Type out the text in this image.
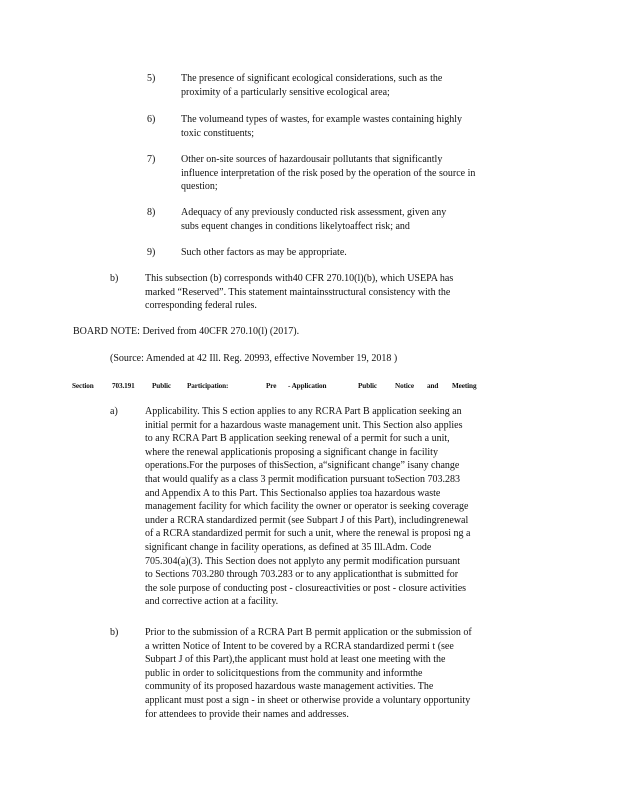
5)	The presence of significant ecological considerations, such as the
proximity of a particularly sensitive ecological area;
6)	The volumeand types of wastes, for example wastes containing highly
toxic constituents;
7)	Other on-site sources of hazardousair pollutants that significantly
influence interpretation of the risk posed by the operation of the source in
question;
8)	Adequacy of any previously conducted risk assessment, given any
subs equent changes in conditions likelytoaffect risk; and
9)	Such other factors as may be appropriate.
b)	This subsection (b) corresponds with40 CFR 270.10(l)(b), which USEPA has
marked “Reserved”. This statement maintainsstructural consistency with the
corresponding federal rules.
BOARD NOTE: Derived from 40CFR 270.10(l) (2017).
(Source: Amended at 42 Ill. Reg. 20993, effective November 19, 2018 )
Section	703.191 Public Participation:	Pre - Application	Public	Notice and Meeting
a)	Applicability. This S ection applies to any RCRA Part B application seeking an
initial permit for a hazardous waste management unit. This Section also applies
to any RCRA Part B application seeking renewal of a permit for such a unit,
where the renewal applicationis proposing a significant change in facility
operations.For the purposes of thisSection, a“significant change” isany change
that would qualify as a class 3 permit modification pursuant toSection 703.283
and Appendix A to this Part. This Sectionalso applies toa hazardous waste
management facility for which facility the owner or operator is seeking coverage
under a RCRA standardized permit (see Subpart J of this Part), includingrenewal
of a RCRA standardized permit for such a unit, where the renewal is proposi ng a
significant change in facility operations, as defined at 35 Ill.Adm. Code
705.304(a)(3). This Section does not applyto any permit modification pursuant
to Sections 703.280 through 703.283 or to any applicationthat is submitted for
the sole purpose of conducting post - closureactivities or post - closure activities
and corrective action at a facility.
b)	Prior to the submission of a RCRA Part B permit application or the submission of
a written Notice of Intent to be covered by a RCRA standardized permi t (see
Subpart J of this Part),the applicant must hold at least one meeting with the
public in order to solicitquestions from the community and informthe
community of its proposed hazardous waste management activities. The
applicant must post a sign - in sheet or otherwise provide a voluntary opportunity
for attendees to provide their names and addresses.
